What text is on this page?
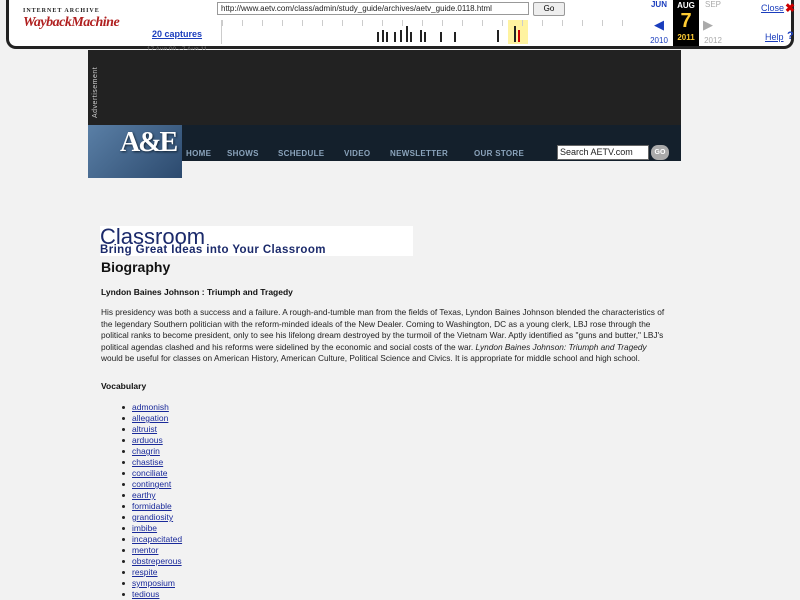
INTERNET ARCHIVE
WaybackMachine
http://www.aetv.com/class/admin/study_guide/archives/aetv_guide.0118.html	Go
20 captures
JUN
◀
2010
AUG
7
2011
SEP
▶
2012
Close ✖
Help ?
Advertisement
A&E HOME SHOWS SCHEDULE VIDEO NEWSLETTER	OUR STORE	Search AETV.com	GO
Classroom
Bring Great Ideas into Your Classroom
Biography
Lyndon Baines Johnson : Triumph and Tragedy

His presidency was both a success and a failure. A rough-and-tumble man from the fields of Texas, Lyndon Baines Johnson blended the characteristics of the legendary Southern politician with the reform-minded ideals of the New Dealer. Coming to Washington, DC as a young clerk, LBJ rose through the political ranks to become president, only to see his lifelong dream destroyed by the turmoil of the Vietnam War. Aptly identified as "guns and butter," LBJ's political agendas clashed and his reforms were sidelined by the economic and social costs of the war. Lyndon Baines Johnson: Triumph and Tragedy would be useful for classes on American History, American Culture, Political Science and Civics. It is appropriate for middle school and high school.

Vocabulary
admonish
allegation
altruist
arduous
chagrin
chastise
conciliate
contingent
earthy
formidable
grandiosity
imbibe
incapacitated
mentor
obstreperous
respite
symposium
tedious
